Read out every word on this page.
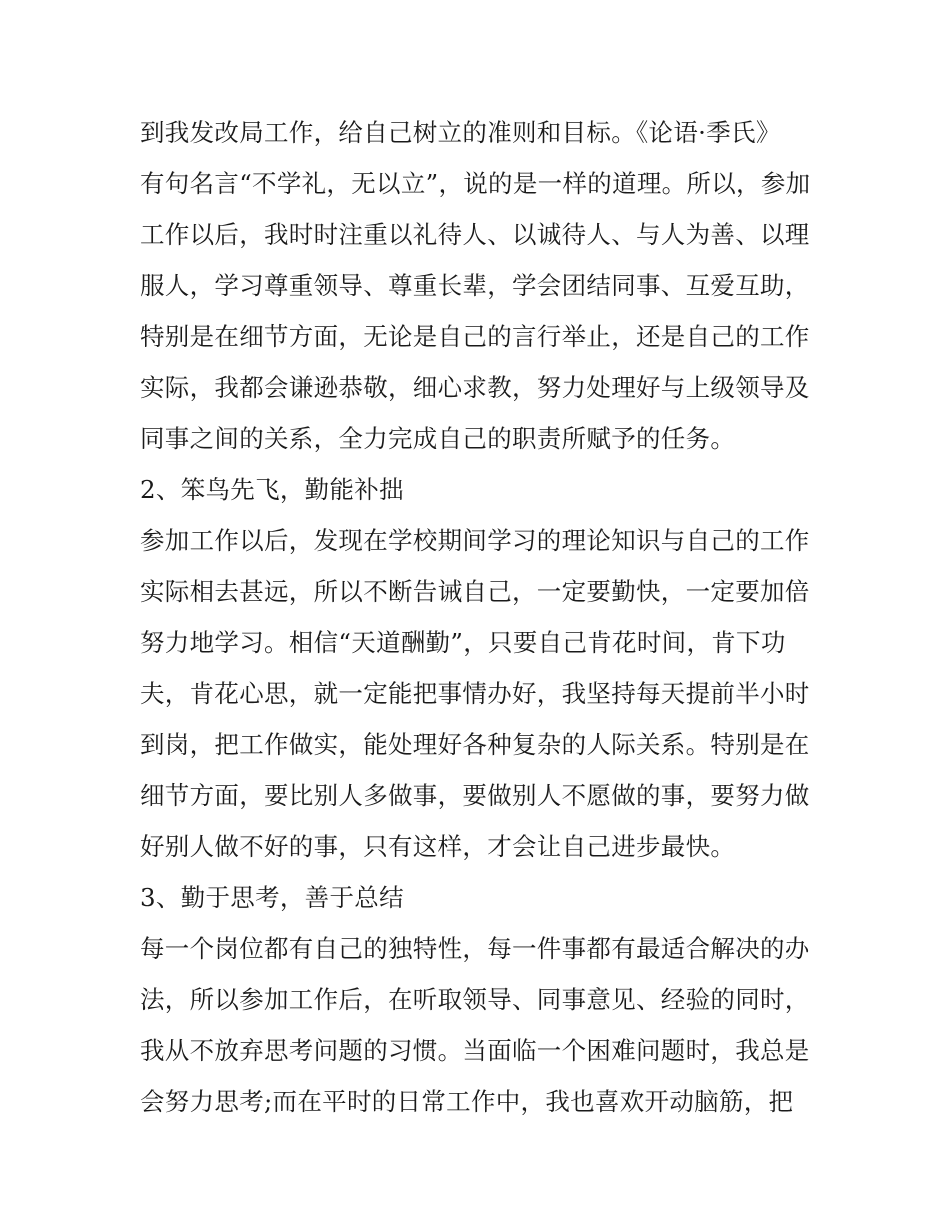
到我发改局工作，给自己树立的准则和目标。《论语·季氏》
有句名言“不学礼，无以立”，说的是一样的道理。所以，参加
工作以后，我时时注重以礼待人、以诚待人、与人为善、以理
服人，学习尊重领导、尊重长辈，学会团结同事、互爱互助，
特别是在细节方面，无论是自己的言行举止，还是自己的工作
实际，我都会谦逊恭敬，细心求教，努力处理好与上级领导及
同事之间的关系，全力完成自己的职责所赋予的任务。
2、笨鸟先飞，勤能补拙
参加工作以后，发现在学校期间学习的理论知识与自己的工作
实际相去甚远，所以不断告诫自己，一定要勤快，一定要加倍
努力地学习。相信“天道酬勤”，只要自己肯花时间，肯下功
夫，肯花心思，就一定能把事情办好，我坚持每天提前半小时
到岗，把工作做实，能处理好各种复杂的人际关系。特别是在
细节方面，要比别人多做事，要做别人不愿做的事，要努力做
好别人做不好的事，只有这样，才会让自己进步最快。
3、勤于思考，善于总结
每一个岗位都有自己的独特性，每一件事都有最适合解决的办
法，所以参加工作后，在听取领导、同事意见、经验的同时，
我从不放弃思考问题的习惯。当面临一个困难问题时，我总是
会努力思考;而在平时的日常工作中，我也喜欢开动脑筋，把
